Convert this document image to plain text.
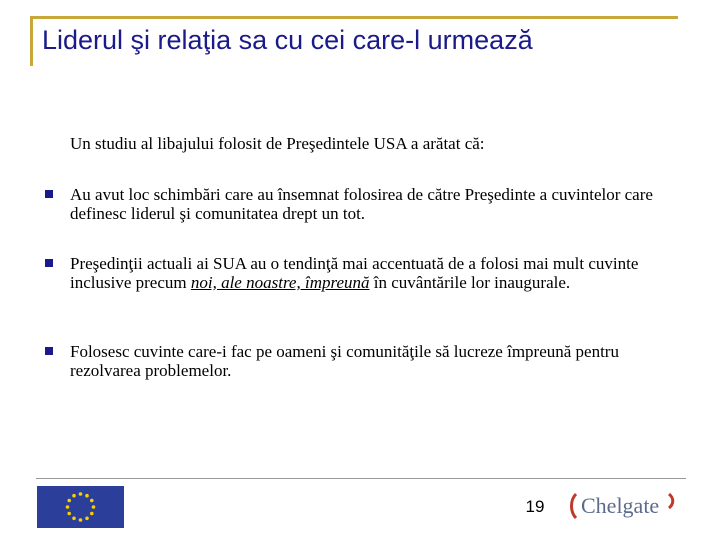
Liderul şi relaţia sa cu cei care-l urmează
Un studiu al libajului folosit de Preşedintele USA a arătat că:
Au avut loc schimbări care au însemnat folosirea de către Preşedinte a cuvintelor care definesc liderul şi comunitatea drept un tot.
Preşedinţii actuali ai SUA au o tendinţă mai accentuată de a folosi mai mult cuvinte inclusive precum noi, ale noastre, împreună în cuvântările lor inaugurale.
Folosesc cuvinte care-i fac pe oameni şi comunităţile să lucreze împreună pentru rezolvarea problemelor.
19 Chelgate
